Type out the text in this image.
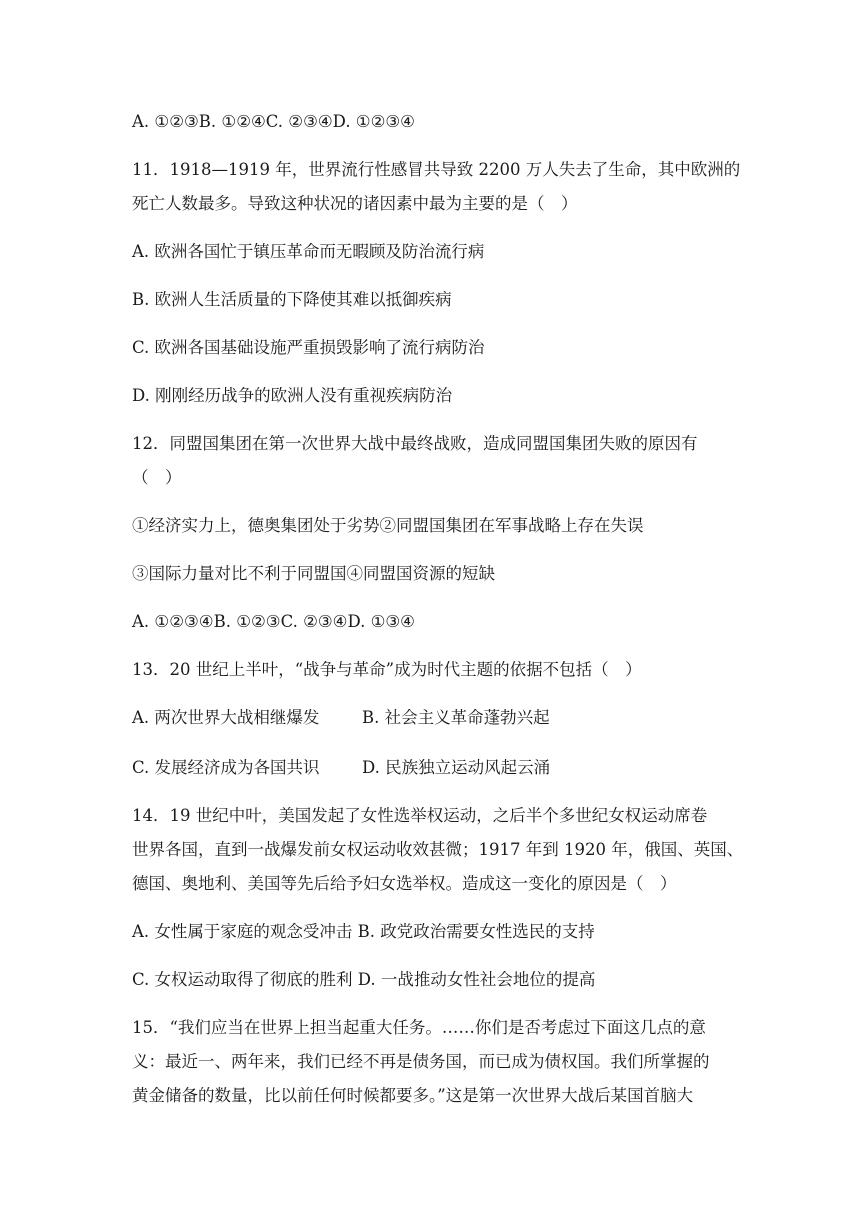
A. ①②③B. ①②④C. ②③④D. ①②③④
11．1918—1919 年，世界流行性感冒共导致 2200 万人失去了生命，其中欧洲的
死亡人数最多。导致这种状况的诸因素中最为主要的是（　）
A. 欧洲各国忙于镇压革命而无暇顾及防治流行病
B. 欧洲人生活质量的下降使其难以抵御疾病
C. 欧洲各国基础设施严重损毁影响了流行病防治
D. 刚刚经历战争的欧洲人没有重视疾病防治
12．同盟国集团在第一次世界大战中最终战败，造成同盟国集团失败的原因有
（　）
①经济实力上，德奥集团处于劣势②同盟国集团在军事战略上存在失误
③国际力量对比不利于同盟国④同盟国资源的短缺
A. ①②③④B. ①②③C. ②③④D. ①③④
13．20 世纪上半叶，“战争与革命”成为时代主题的依据不包括（　）
A. 两次世界大战相继爆发	B. 社会主义革命蓬勃兴起
C. 发展经济成为各国共识	D. 民族独立运动风起云涌
14．19 世纪中叶，美国发起了女性选举权运动，之后半个多世纪女权运动席卷
世界各国，直到一战爆发前女权运动收效甚微；1917 年到 1920 年，俄国、英国、
德国、奥地利、美国等先后给予妇女选举权。造成这一变化的原因是（　）
A. 女性属于家庭的观念受冲击 B. 政党政治需要女性选民的支持
C. 女权运动取得了彻底的胜利 D. 一战推动女性社会地位的提高
15．“我们应当在世界上担当起重大任务。……你们是否考虑过下面这几点的意
义：最近一、两年来，我们已经不再是债务国，而已成为债权国。我们所掌握的
黄金储备的数量，比以前任何时候都要多。”这是第一次世界大战后某国首脑大
